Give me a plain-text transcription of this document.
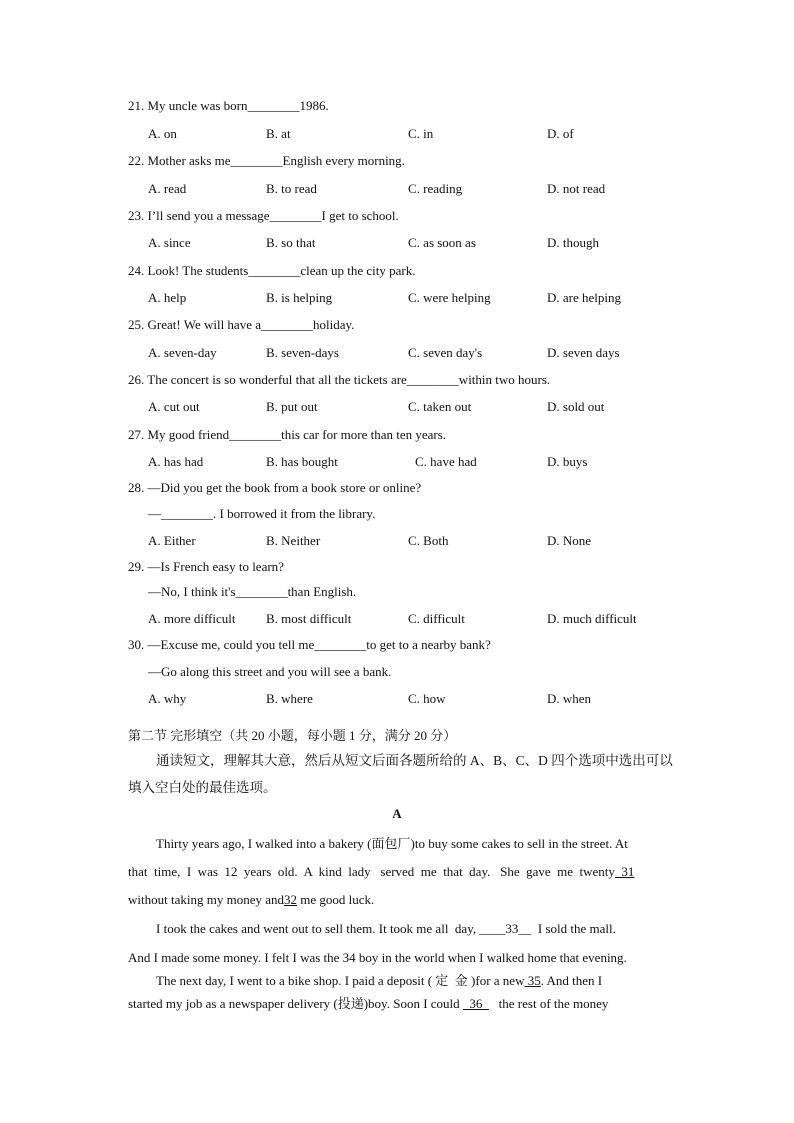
21. My uncle was born________1986.
A. on	B. at	C. in	D. of
22. Mother asks me________English every morning.
A. read	B. to read	C. reading	D. not read
23. I’ll send you a message________I get to school.
A. since	B. so that	C. as soon as	D. though
24. Look! The students________clean up the city park.
A. help	B. is helping	C. were helping	D. are helping
25. Great! We will have a________holiday.
A. seven-day	B. seven-days	C. seven day's	D. seven days
26. The concert is so wonderful that all the tickets are________within two hours.
A. cut out	B. put out	C. taken out	D. sold out
27. My good friend________this car for more than ten years.
A. has had	B. has bought	C. have had	D. buys
28. —Did you get the book from a book store or online?
—________. I borrowed it from the library.
A. Either	B. Neither	C. Both	D. None
29. —Is French easy to learn?
—No, I think it's________than English.
A. more difficult B. most difficult	C. difficult	D. much difficult
30. —Excuse me, could you tell me________to get to a nearby bank?
—Go along this street and you will see a bank.
A. why	B. where	C. how	D. when
第二节 完形填空（共 20 小题，每小题 1 分，满分 20 分）
通读短文，理解其大意，然后从短文后面各题所给的 A、B、C、D 四个选项中选出可以
填入空白处的最佳选项。
A
Thirty years ago, I walked into a bakery (面包厂)to buy some cakes to sell in the street. At
that  time,  I  was  12  years  old.  A  kind  lady   served  me  that  day.   She  gave  me  twenty  31
without taking my money and32 me good luck.
I took the cakes and went out to sell them. It took me all  day, ____33__  I sold the mall.
And I made some money. I felt I was the 34 boy in the world when I walked home that evening.
The next day, I went to a bike shop. I paid a deposit ( 定  金 )for a new 35. And then I
started my job as a newspaper delivery (投递)boy. Soon I could   36     the rest of the money
